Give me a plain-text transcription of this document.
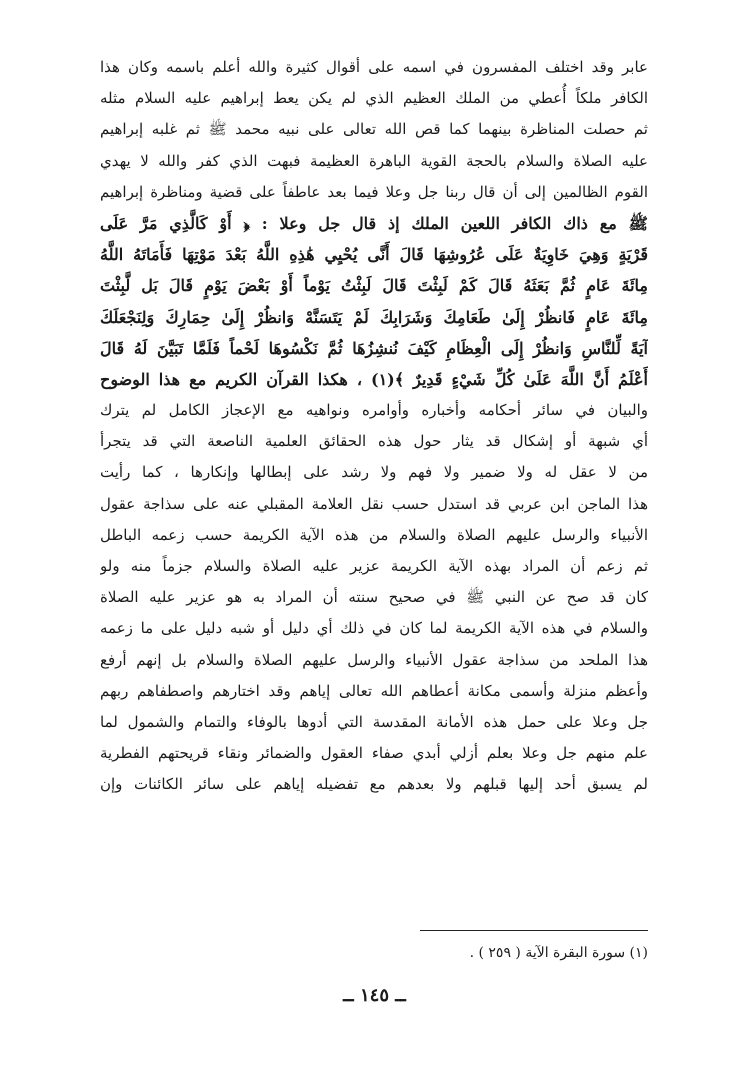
عابر وقد اختلف المفسرون في اسمه على أقوال كثيرة والله أعلم باسمه وكان هذا
الكافر ملكاً أُعطي من الملك العظيم الذي لم يكن يعط إبراهيم عليه السلام مثله
ثم حصلت المناظرة بينهما كما قص الله تعالى على نبيه محمد ﷺ ثم غلبه إبراهيم
عليه الصلاة والسلام بالحجة القوية الباهرة العظيمة فبهت الذي كفر والله لا يهدي
القوم الظالمين إلى أن قال ربنا جل وعلا فيما بعد عاطفاً على قضية ومناظرة إبراهيم
ﷺ مع ذاك الكافر اللعين الملك إذ قال جل وعلا : ﴿ أَوْ كَالَّذِي مَرَّ عَلَى
قَرْيَةٍ وَهِيَ خَاوِيَةٌ عَلَى عُرُوشِهَا قَالَ أَنَّى يُحْيِي هَٰذِهِ اللَّهُ بَعْدَ مَوْتِهَا فَأَمَاتَهُ اللَّهُ
مِائَةَ عَامٍ ثُمَّ بَعَثَهُ قَالَ كَمْ لَبِثْتَ قَالَ لَبِثْتُ يَوْماً أَوْ بَعْضَ يَوْمٍ قَالَ بَل لَّبِثْتَ
مِائَةَ عَامٍ فَانظُرْ إِلَىٰ طَعَامِكَ وَشَرَابِكَ لَمْ يَتَسَنَّهْ وَانظُرْ إِلَىٰ حِمَارِكَ وَلِنَجْعَلَكَ
آيَةً لِّلنَّاسِ وَانظُرْ إِلَى الْعِظَامِ كَيْفَ نُنشِزُهَا ثُمَّ نَكْسُوهَا لَحْماً فَلَمَّا تَبَيَّنَ لَهُ قَالَ
أَعْلَمُ أَنَّ اللَّهَ عَلَىٰ كُلِّ شَيْءٍ قَدِيرٌ ﴾(١) ، هكذا القرآن الكريم مع هذا الوضوح
والبيان في سائر أحكامه وأخباره وأوامره ونواهيه مع الإعجاز الكامل لم يترك
أي شبهة أو إشكال قد يثار حول هذه الحقائق العلمية الناصعة التي قد يتجرأ
من لا عقل له ولا ضمير ولا فهم ولا رشد على إبطالها وإنكارها ، كما رأيت
هذا الماجن ابن عربي قد استدل حسب نقل العلامة المقبلي عنه على سذاجة عقول
الأنبياء والرسل عليهم الصلاة والسلام من هذه الآية الكريمة حسب زعمه الباطل
ثم زعم أن المراد بهذه الآية الكريمة عزير عليه الصلاة والسلام جزماً منه ولو
كان قد صح عن النبي ﷺ في صحيح سنته أن المراد به هو عزير عليه الصلاة
والسلام في هذه الآية الكريمة لما كان في ذلك أي دليل أو شبه دليل على ما زعمه
هذا الملحد من سذاجة عقول الأنبياء والرسل عليهم الصلاة والسلام بل إنهم أرفع
وأعظم منزلة وأسمى مكانة أعطاهم الله تعالى إياهم وقد اختارهم واصطفاهم ربهم
جل وعلا على حمل هذه الأمانة المقدسة التي أدوها بالوفاء والتمام والشمول لما
علم منهم جل وعلا بعلم أزلي أبدي صفاء العقول والضمائر ونقاء قريحتهم الفطرية
لم يسبق أحد إليها قبلهم ولا بعدهم مع تفضيله إياهم على سائر الكائنات وإن
(١) سورة البقرة الآية ( ٢٥٩ ) .
ــ ١٤٥ ــ
